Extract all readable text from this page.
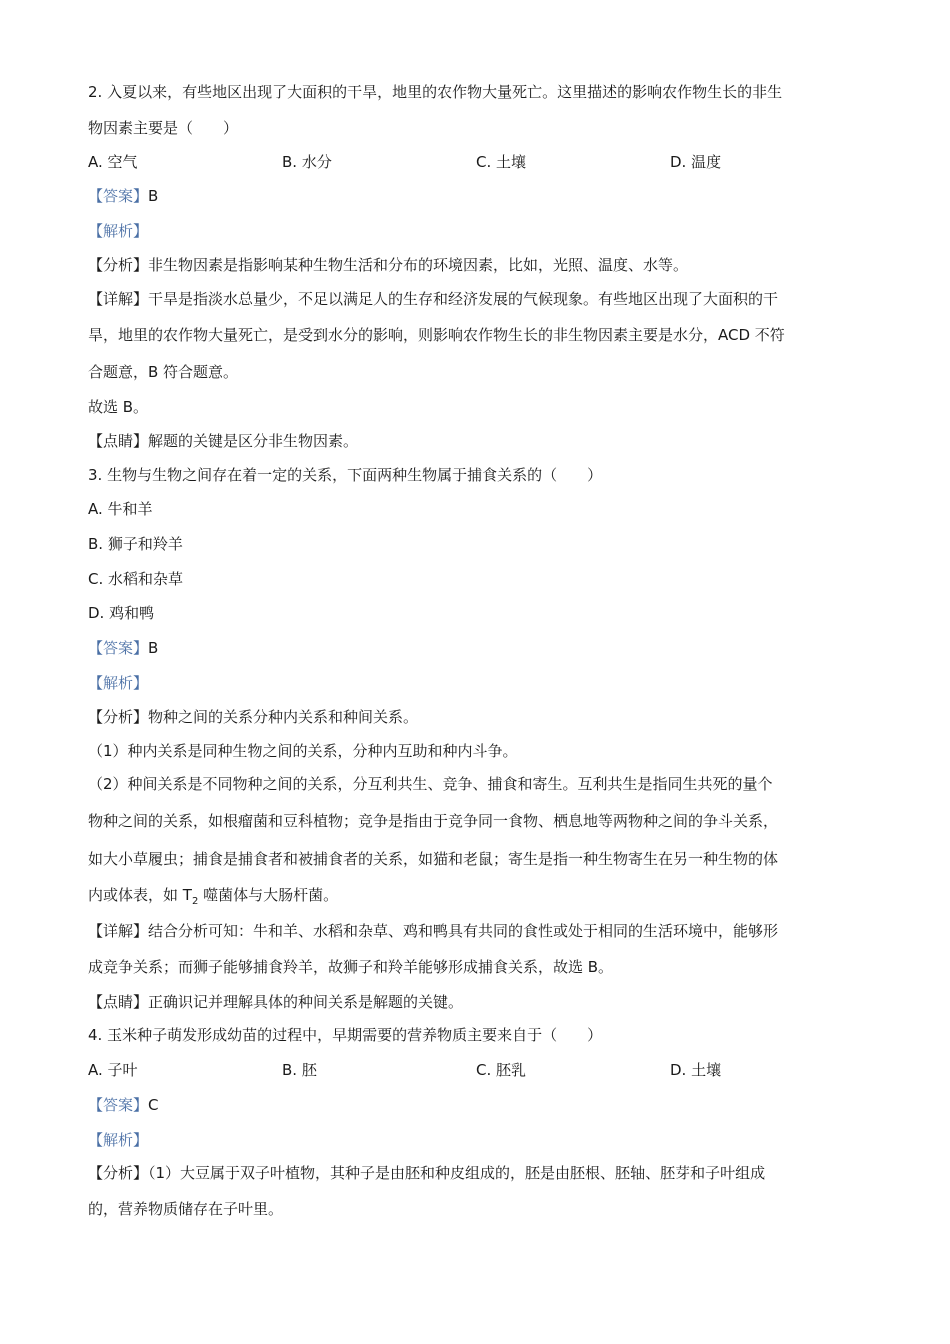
2. 入夏以来，有些地区出现了大面积的干旱，地里的农作物大量死亡。这里描述的影响农作物生长的非生
物因素主要是（　　）
A. 空气	B. 水分	C. 土壤	D. 温度
【答案】B
【解析】
【分析】非生物因素是指影响某种生物生活和分布的环境因素，比如，光照、温度、水等。
【详解】干旱是指淡水总量少，不足以满足人的生存和经济发展的气候现象。有些地区出现了大面积的干
旱，地里的农作物大量死亡，是受到水分的影响，则影响农作物生长的非生物因素主要是水分，ACD 不符
合题意，B 符合题意。
故选 B。
【点睛】解题的关键是区分非生物因素。
3. 生物与生物之间存在着一定的关系，下面两种生物属于捕食关系的（　　）
A. 牛和羊
B. 狮子和羚羊
C. 水稻和杂草
D. 鸡和鸭
【答案】B
【解析】
【分析】物种之间的关系分种内关系和种间关系。
（1）种内关系是同种生物之间的关系，分种内互助和种内斗争。
（2）种间关系是不同物种之间的关系，分互利共生、竞争、捕食和寄生。互利共生是指同生共死的量个
物种之间的关系，如根瘤菌和豆科植物；竞争是指由于竞争同一食物、栖息地等两物种之间的争斗关系，
如大小草履虫；捕食是捕食者和被捕食者的关系，如猫和老鼠；寄生是指一种生物寄生在另一种生物的体
内或体表，如 $T_2$ 噬菌体与大肠杆菌。
【详解】结合分析可知：牛和羊、水稻和杂草、鸡和鸭具有共同的食性或处于相同的生活环境中，能够形
成竞争关系；而狮子能够捕食羚羊，故狮子和羚羊能够形成捕食关系，故选 B。
【点睛】正确识记并理解具体的种间关系是解题的关键。
4. 玉米种子萌发形成幼苗的过程中，早期需要的营养物质主要来自于（　　）
A. 子叶	B. 胚	C. 胚乳	D. 土壤
【答案】C
【解析】
【分析】（1）大豆属于双子叶植物，其种子是由胚和种皮组成的，胚是由胚根、胚轴、胚芽和子叶组成
的，营养物质储存在子叶里。
